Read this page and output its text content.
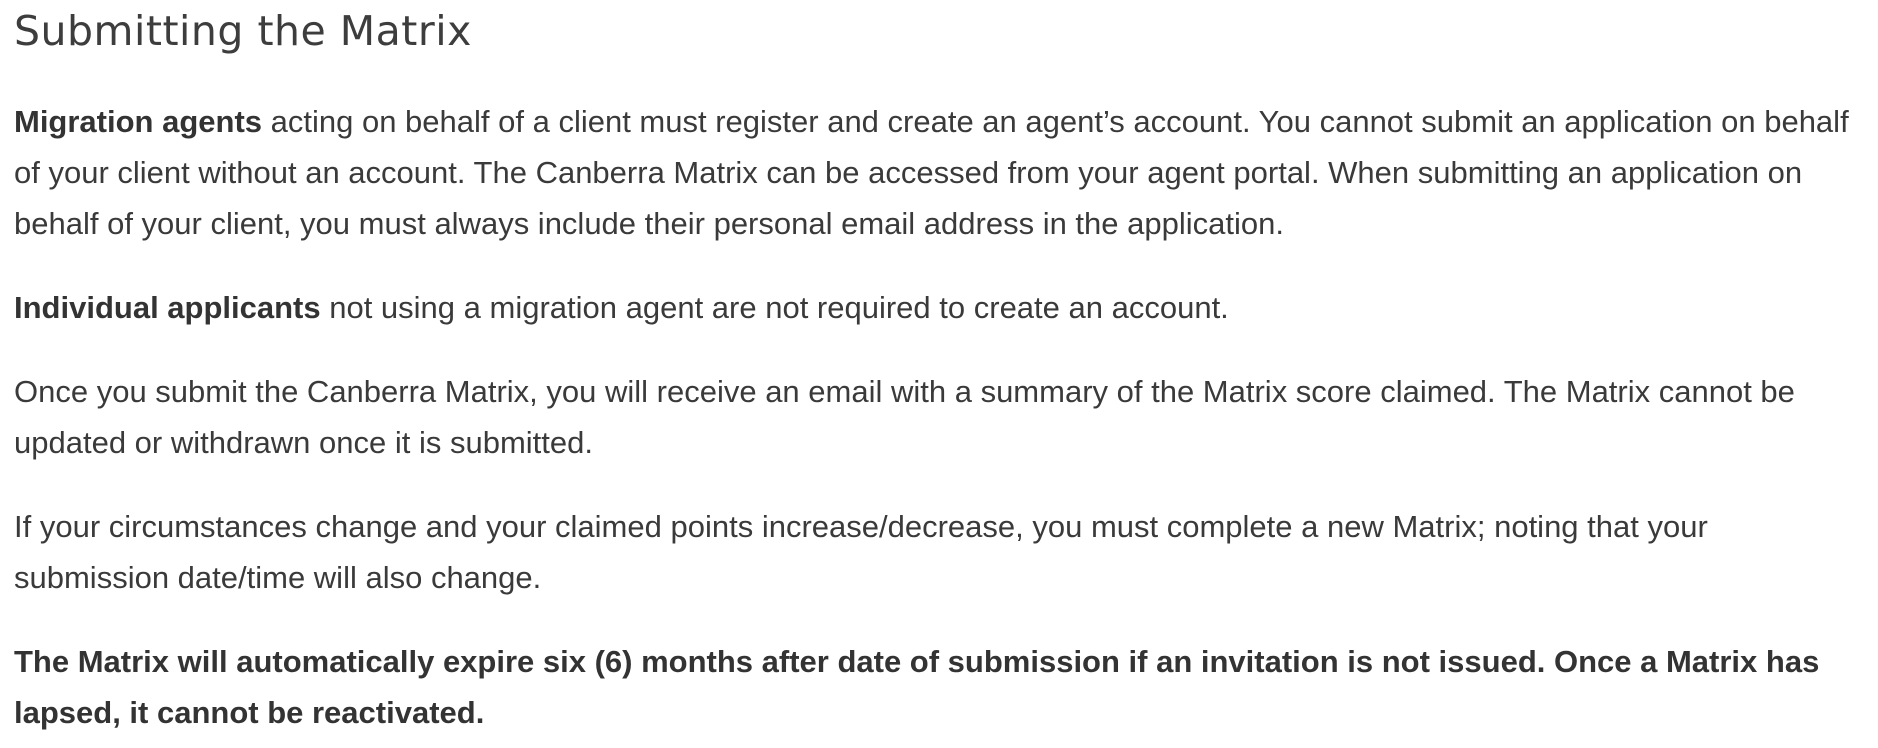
Submitting the Matrix

Migration agents acting on behalf of a client must register and create an agent’s account. You cannot submit an application on behalf of your client without an account. The Canberra Matrix can be accessed from your agent portal. When submitting an application on behalf of your client, you must always include their personal email address in the application.

Individual applicants not using a migration agent are not required to create an account.

Once you submit the Canberra Matrix, you will receive an email with a summary of the Matrix score claimed. The Matrix cannot be updated or withdrawn once it is submitted.

If your circumstances change and your claimed points increase/decrease, you must complete a new Matrix; noting that your submission date/time will also change.

The Matrix will automatically expire six (6) months after date of submission if an invitation is not issued. Once a Matrix has lapsed, it cannot be reactivated.
